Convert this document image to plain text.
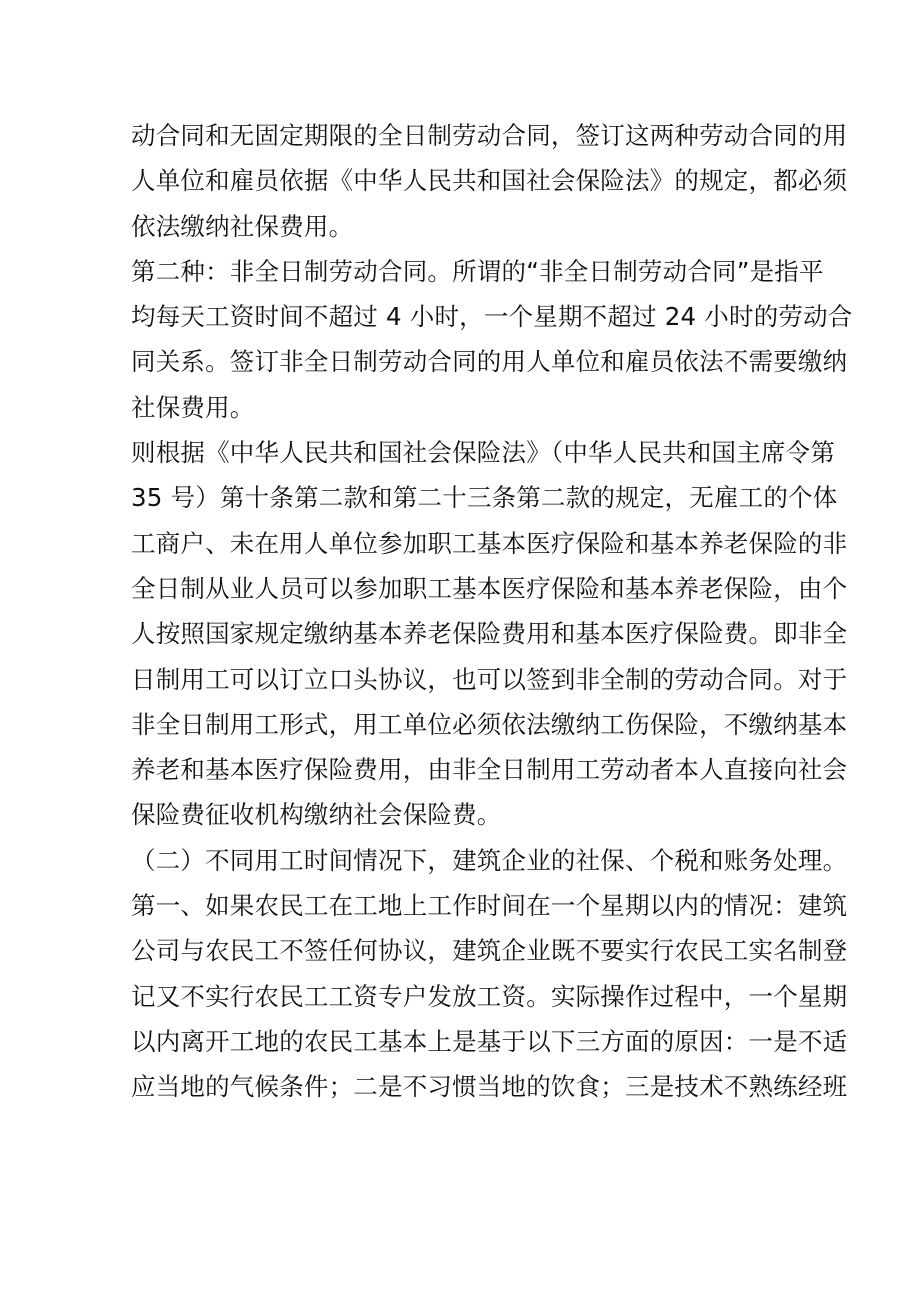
动合同和无固定期限的全日制劳动合同，签订这两种劳动合同的用
人单位和雇员依据《中华人民共和国社会保险法》的规定，都必须
依法缴纳社保费用。
第二种：非全日制劳动合同。所谓的“非全日制劳动合同”是指平
均每天工资时间不超过 4 小时，一个星期不超过 24 小时的劳动合
同关系。签订非全日制劳动合同的用人单位和雇员依法不需要缴纳
社保费用。
则根据《中华人民共和国社会保险法》（中华人民共和国主席令第
35 号）第十条第二款和第二十三条第二款的规定，无雇工的个体
工商户、未在用人单位参加职工基本医疗保险和基本养老保险的非
全日制从业人员可以参加职工基本医疗保险和基本养老保险，由个
人按照国家规定缴纳基本养老保险费用和基本医疗保险费。即非全
日制用工可以订立口头协议，也可以签到非全制的劳动合同。对于
非全日制用工形式，用工单位必须依法缴纳工伤保险，不缴纳基本
养老和基本医疗保险费用，由非全日制用工劳动者本人直接向社会
保险费征收机构缴纳社会保险费。
（二）不同用工时间情况下，建筑企业的社保、个税和账务处理。
第一、如果农民工在工地上工作时间在一个星期以内的情况：建筑
公司与农民工不签任何协议，建筑企业既不要实行农民工实名制登
记又不实行农民工工资专户发放工资。实际操作过程中，一个星期
以内离开工地的农民工基本上是基于以下三方面的原因：一是不适
应当地的气候条件；二是不习惯当地的饮食；三是技术不熟练经班
